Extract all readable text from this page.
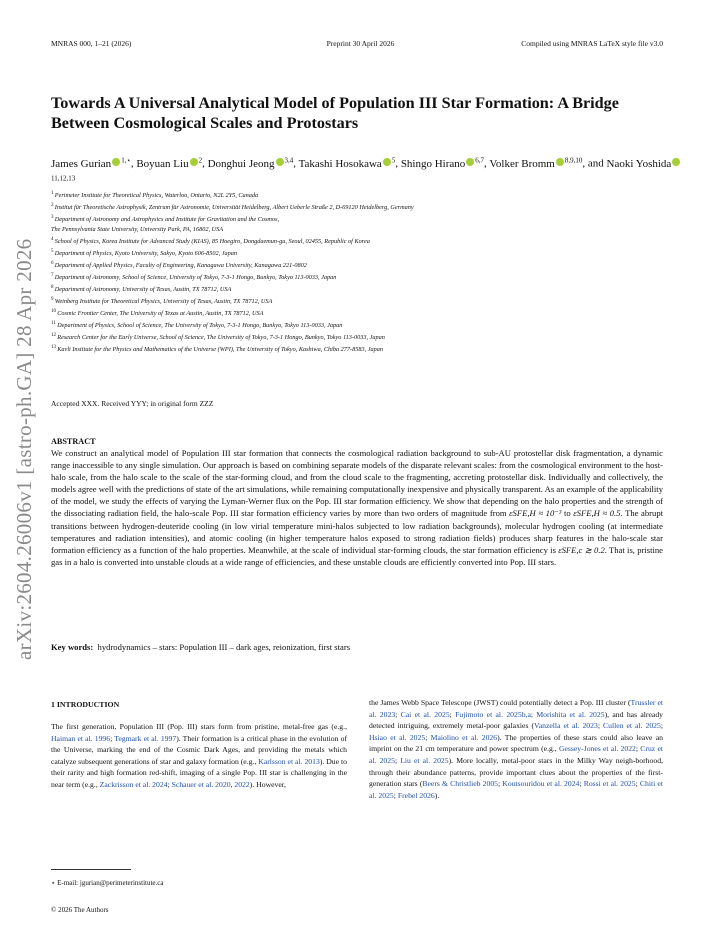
MNRAS 000, 1–21 (2026)	Preprint 30 April 2026	Compiled using MNRAS LaTeX style file v3.0
arXiv:2604.26006v1 [astro-ph.GA] 28 Apr 2026
Towards A Universal Analytical Model of Population III Star Formation: A Bridge Between Cosmological Scales and Protostars
James Gurian $^{1,⋆}$, Boyuan Liu $^2$, Donghui Jeong $^{3,4}$, Takashi Hosokawa $^5$, Shingo Hirano $^{6,7}$, Volker Bromm $^{8,9,10}$, and Naoki Yoshida$^{11,12,13}$
$^1$ Perimeter Institute for Theoretical Physics, Waterloo, Ontario, N2L 2Y5, Canada
$^2$ Institut für Theoretische Astrophysik, Zentrum für Astronomie, Universität Heidelberg, Albert Ueberle Straße 2, D-69120 Heidelberg, Germany
$^3$ Department of Astronomy and Astrophysics and Institute for Gravitation and the Cosmos,
The Pennsylvania State University, University Park, PA, 16802, USA
$^4$ School of Physics, Korea Institute for Advanced Study (KIAS), 85 Hoegiro, Dongdaemun-gu, Seoul, 02455, Republic of Korea
$^5$ Department of Physics, Kyoto University, Sakyo, Kyoto 606-8502, Japan
$^6$ Department of Applied Physics, Faculty of Engineering, Kanagawa University, Kanagawa 221-0802
$^7$ Department of Astronomy, School of Science, University of Tokyo, 7-3-1 Hongo, Bunkyo, Tokyo 113-0033, Japan
$^8$ Department of Astronomy, University of Texas, Austin, TX 78712, USA
$^9$ Weinberg Institute for Theoretical Physics, University of Texas, Austin, TX 78712, USA
$^{10}$ Cosmic Frontier Center, The University of Texas at Austin, Austin, TX 78712, USA
$^{11}$ Department of Physics, School of Science, The University of Tokyo, 7-3-1 Hongo, Bunkyo, Tokyo 113-0033, Japan
$^{12}$ Research Center for the Early Universe, School of Science, The University of Tokyo, 7-3-1 Hongo, Bunkyo, Tokyo 113-0033, Japan
$^{13}$ Kavli Institute for the Physics and Mathematics of the Universe (WPI), The University of Tokyo, Kashiwa, Chiba 277-8583, Japan
Accepted XXX. Received YYY; in original form ZZZ
ABSTRACT
We construct an analytical model of Population III star formation that connects the cosmological radiation background to sub-AU protostellar disk fragmentation, a dynamic range inaccessible to any single simulation. Our approach is based on combining separate models of the disparate relevant scales: from the cosmological environment to the host-halo scale, from the halo scale to the scale of the star-forming cloud, and from the cloud scale to the fragmenting, accreting protostellar disk. Individually and collectively, the models agree well with the predictions of state of the art simulations, while remaining computationally inexpensive and physically transparent. As an example of the applicability of the model, we study the effects of varying the Lyman-Werner flux on the Pop. III star formation efficiency. We show that depending on the halo properties and the strength of the dissociating radiation field, the halo-scale Pop. III star formation efficiency varies by more than two orders of magnitude from εSFE,H ≈ 10⁻³ to εSFE,H ≈ 0.5. The abrupt transitions between hydrogen-deuteride cooling (in low virial temperature mini-halos subjected to low radiation backgrounds), molecular hydrogen cooling (at intermediate temperatures and radiation intensities), and atomic cooling (in higher temperature halos exposed to strong radiation fields) produces sharp features in the halo-scale star formation efficiency as a function of the halo properties. Meanwhile, at the scale of individual star-forming clouds, the star formation efficiency is εSFE,c ≳ 0.2. That is, pristine gas in a halo is converted into unstable clouds at a wide range of efficiencies, and these unstable clouds are efficiently converted into Pop. III stars.
Key words: hydrodynamics – stars: Population III – dark ages, reionization, first stars
1 INTRODUCTION
The first generation, Population III (Pop. III) stars form from pristine, metal-free gas (e.g., Haiman et al. 1996; Tegmark et al. 1997). Their formation is a critical phase in the evolution of the Universe, marking the end of the Cosmic Dark Ages, and providing the metals which catalyze subsequent generations of star and galaxy formation (e.g., Karlsson et al. 2013). Due to their rarity and high formation red-shift, imaging of a single Pop. III star is challenging in the near term (e.g., Zackrisson et al. 2024; Schauer et al. 2020, 2022). However,
the James Webb Space Telescope (JWST) could potentially detect a Pop. III cluster (Trussler et al. 2023; Cai et al. 2025; Fujimoto et al. 2025b,a; Morishita et al. 2025), and has already detected intriguing, extremely metal-poor galaxies (Vanzella et al. 2023; Cullen et al. 2025; Hsiao et al. 2025; Maiolino et al. 2026). The properties of these stars could also leave an imprint on the 21 cm temperature and power spectrum (e.g., Gessey-Jones et al. 2022; Cruz et al. 2025; Liu et al. 2025). More locally, metal-poor stars in the Milky Way neigh-borhood, through their abundance patterns, provide important clues about the properties of the first-generation stars (Beers & Christlieb 2005; Koutsouridou et al. 2024; Rossi et al. 2025; Chiti et al. 2025; Frebel 2026).
⋆ E-mail: jgurian@perimeterinstitute.ca
© 2026 The Authors
